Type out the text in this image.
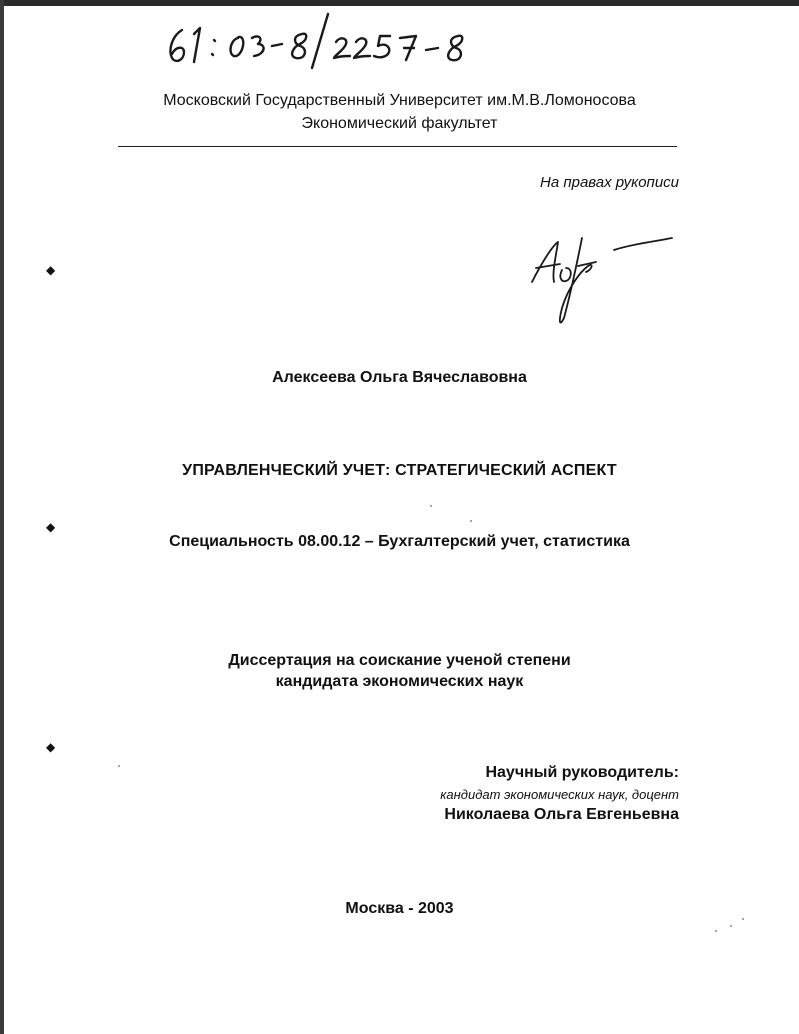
61: 03-8/2257-8
Московский Государственный Университет им.М.В.Ломоносова
Экономический факультет
На правах рукописи
Аоf
Алексеева Ольга Вячеславовна
УПРАВЛЕНЧЕСКИЙ УЧЕТ: СТРАТЕГИЧЕСКИЙ АСПЕКТ
Специальность 08.00.12 – Бухгалтерский учет, статистика
Диссертация на соискание ученой степени
кандидата экономических наук
Научный руководитель:
кандидат экономических наук, доцент
Николаева Ольга Евгеньевна
Москва - 2003
◆
◆
◆
